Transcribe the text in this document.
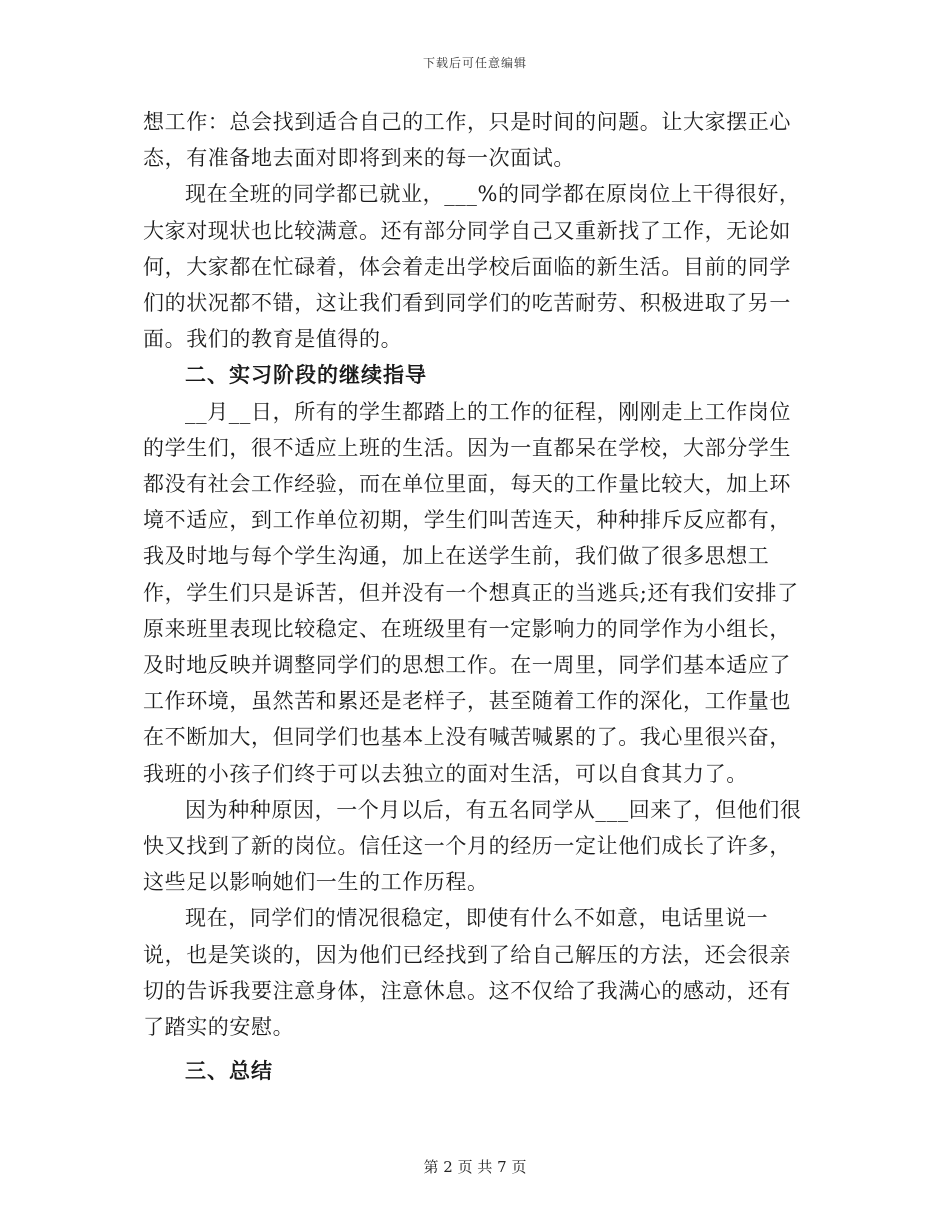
下载后可任意编辑

想工作：总会找到适合自己的工作，只是时间的问题。让大家摆正心态，有准备地去面对即将到来的每一次面试。

现在全班的同学都已就业，___%的同学都在原岗位上干得很好，大家对现状也比较满意。还有部分同学自己又重新找了工作，无论如何，大家都在忙碌着，体会着走出学校后面临的新生活。目前的同学们的状况都不错，这让我们看到同学们的吃苦耐劳、积极进取了另一面。我们的教育是值得的。

二、实习阶段的继续指导

__月__日，所有的学生都踏上的工作的征程，刚刚走上工作岗位的学生们，很不适应上班的生活。因为一直都呆在学校，大部分学生都没有社会工作经验，而在单位里面，每天的工作量比较大，加上环境不适应，到工作单位初期，学生们叫苦连天，种种排斥反应都有，我及时地与每个学生沟通，加上在送学生前，我们做了很多思想工作，学生们只是诉苦，但并没有一个想真正的当逃兵;还有我们安排了原来班里表现比较稳定、在班级里有一定影响力的同学作为小组长，及时地反映并调整同学们的思想工作。在一周里，同学们基本适应了工作环境，虽然苦和累还是老样子，甚至随着工作的深化，工作量也在不断加大，但同学们也基本上没有喊苦喊累的了。我心里很兴奋，我班的小孩子们终于可以去独立的面对生活，可以自食其力了。

因为种种原因，一个月以后，有五名同学从___回来了，但他们很快又找到了新的岗位。信任这一个月的经历一定让他们成长了许多，这些足以影响她们一生的工作历程。

现在，同学们的情况很稳定，即使有什么不如意，电话里说一说，也是笑谈的，因为他们已经找到了给自己解压的方法，还会很亲切的告诉我要注意身体，注意休息。这不仅给了我满心的感动，还有了踏实的安慰。

三、总结

第 2 页 共 7 页
